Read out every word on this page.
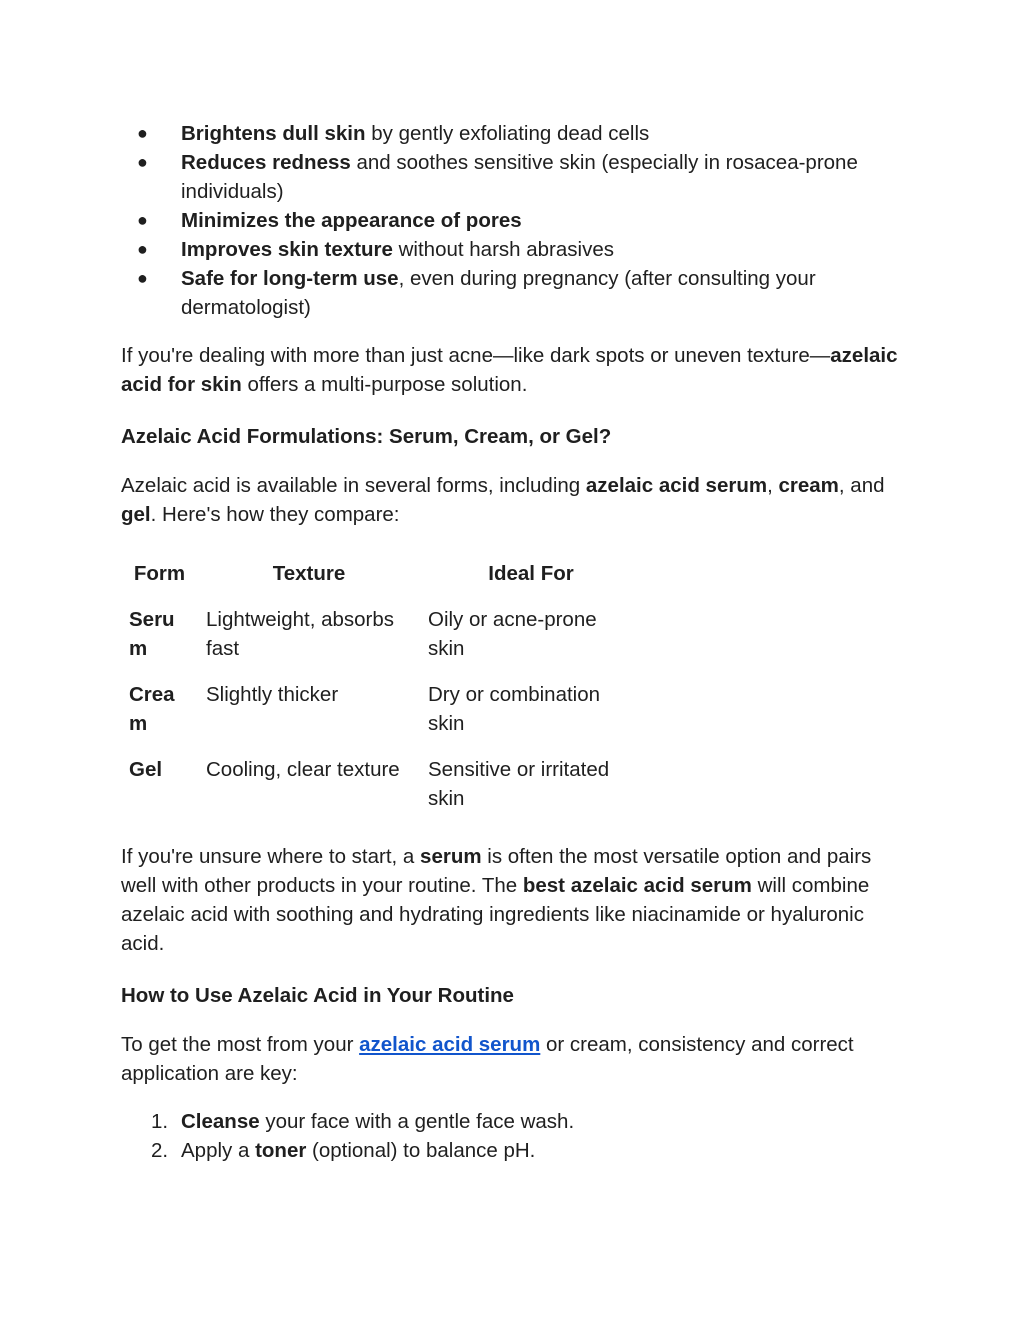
● Brightens dull skin by gently exfoliating dead cells
● Reduces redness and soothes sensitive skin (especially in rosacea-prone individuals)
● Minimizes the appearance of pores
● Improves skin texture without harsh abrasives
● Safe for long-term use, even during pregnancy (after consulting your dermatologist)

If you're dealing with more than just acne—like dark spots or uneven texture—azelaic acid for skin offers a multi-purpose solution.

Azelaic Acid Formulations: Serum, Cream, or Gel?

Azelaic acid is available in several forms, including azelaic acid serum, cream, and gel. Here's how they compare:

Form	Texture	Ideal For
Serum	Lightweight, absorbs fast	Oily or acne-prone skin
Cream	Slightly thicker	Dry or combination skin
Gel	Cooling, clear texture	Sensitive or irritated skin

If you're unsure where to start, a serum is often the most versatile option and pairs well with other products in your routine. The best azelaic acid serum will combine azelaic acid with soothing and hydrating ingredients like niacinamide or hyaluronic acid.

How to Use Azelaic Acid in Your Routine

To get the most from your azelaic acid serum or cream, consistency and correct application are key:

1. Cleanse your face with a gentle face wash.
2. Apply a toner (optional) to balance pH.
